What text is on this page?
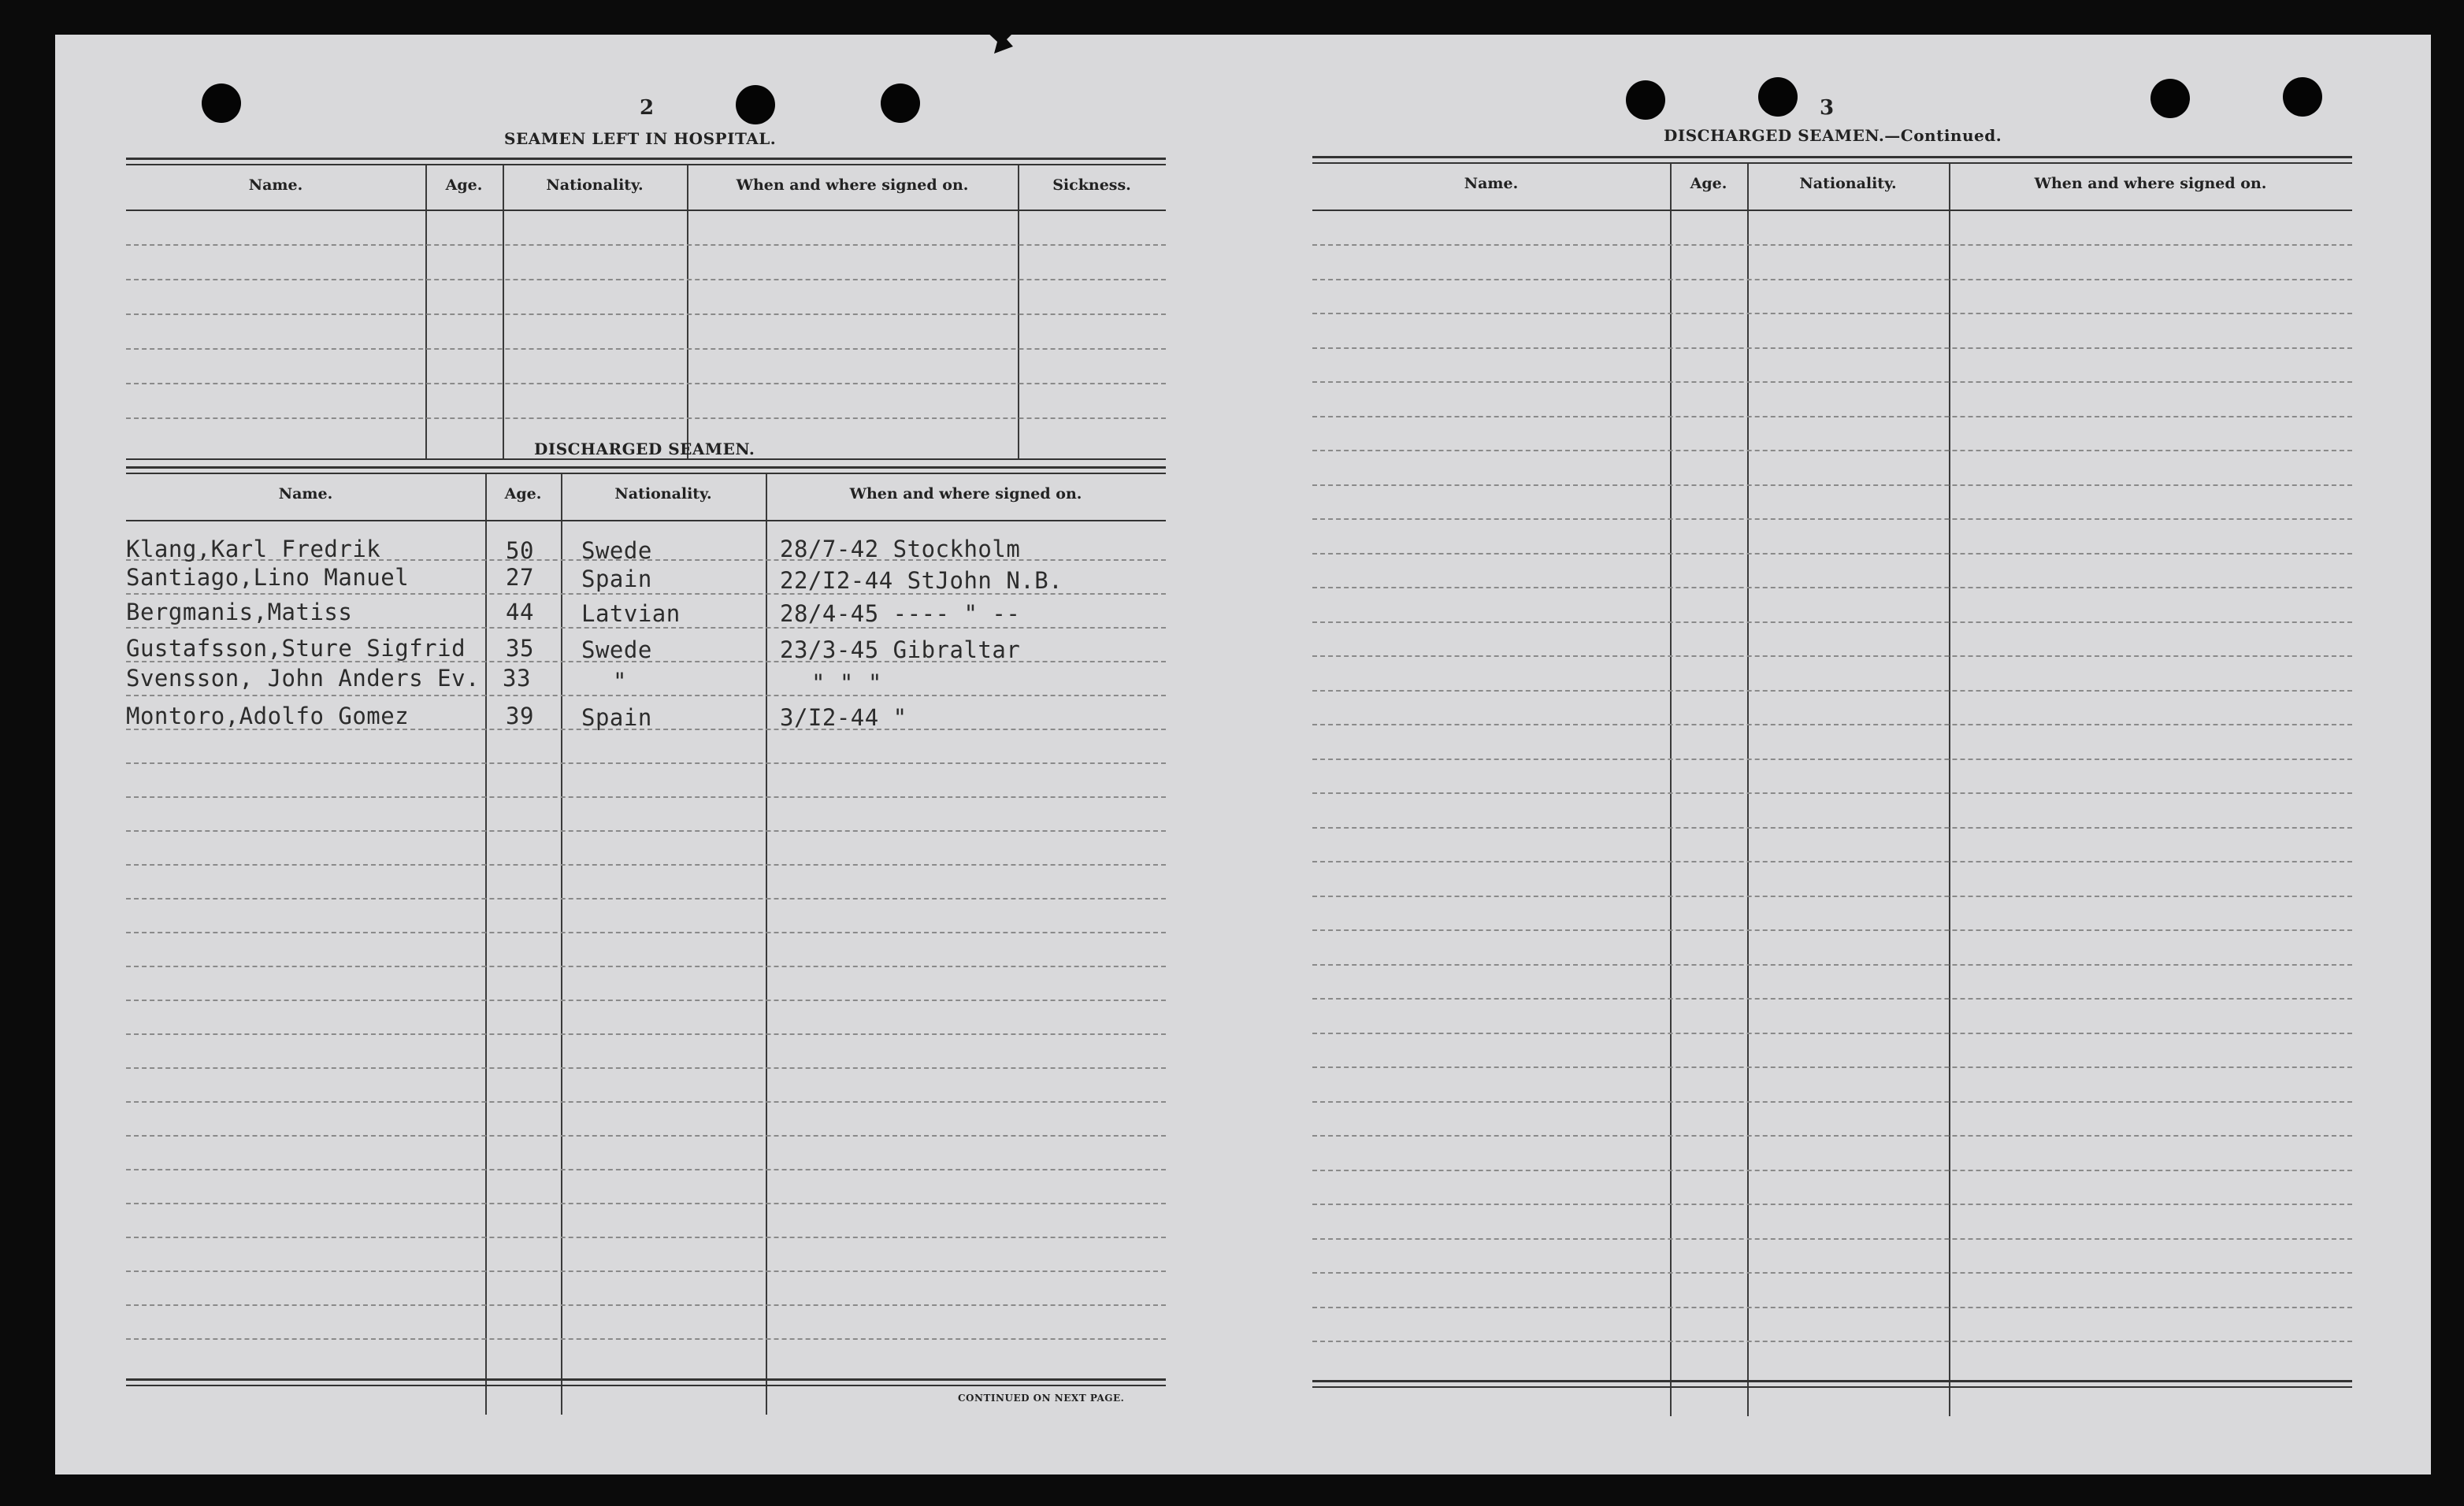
2
SEAMEN LEFT IN HOSPITAL.
Name.	Age.	Nationality.	When and where signed on.	Sickness.
DISCHARGED SEAMEN.
Name.	Age.	Nationality.	When and where signed on.
Klang,Karl Fredrik	50 Swede	28/7-42 Stockholm
Santiago,Lino Manuel	27 Spain	22/I2-44 StJohn N.B.
Bergmanis,Matiss	44 Latvian	28/4-45 ---- " --
Gustafsson,Sture Sigfrid 35 Swede	23/3-45 Gibraltar
Svensson, John Anders Ev. 33	"	" " "
Montoro,Adolfo Gomez	39 Spain	3/I2-44 "
CONTINUED ON NEXT PAGE.
3
DISCHARGED SEAMEN.—Continued.
Name.	Age.	Nationality.	When and where signed on.
